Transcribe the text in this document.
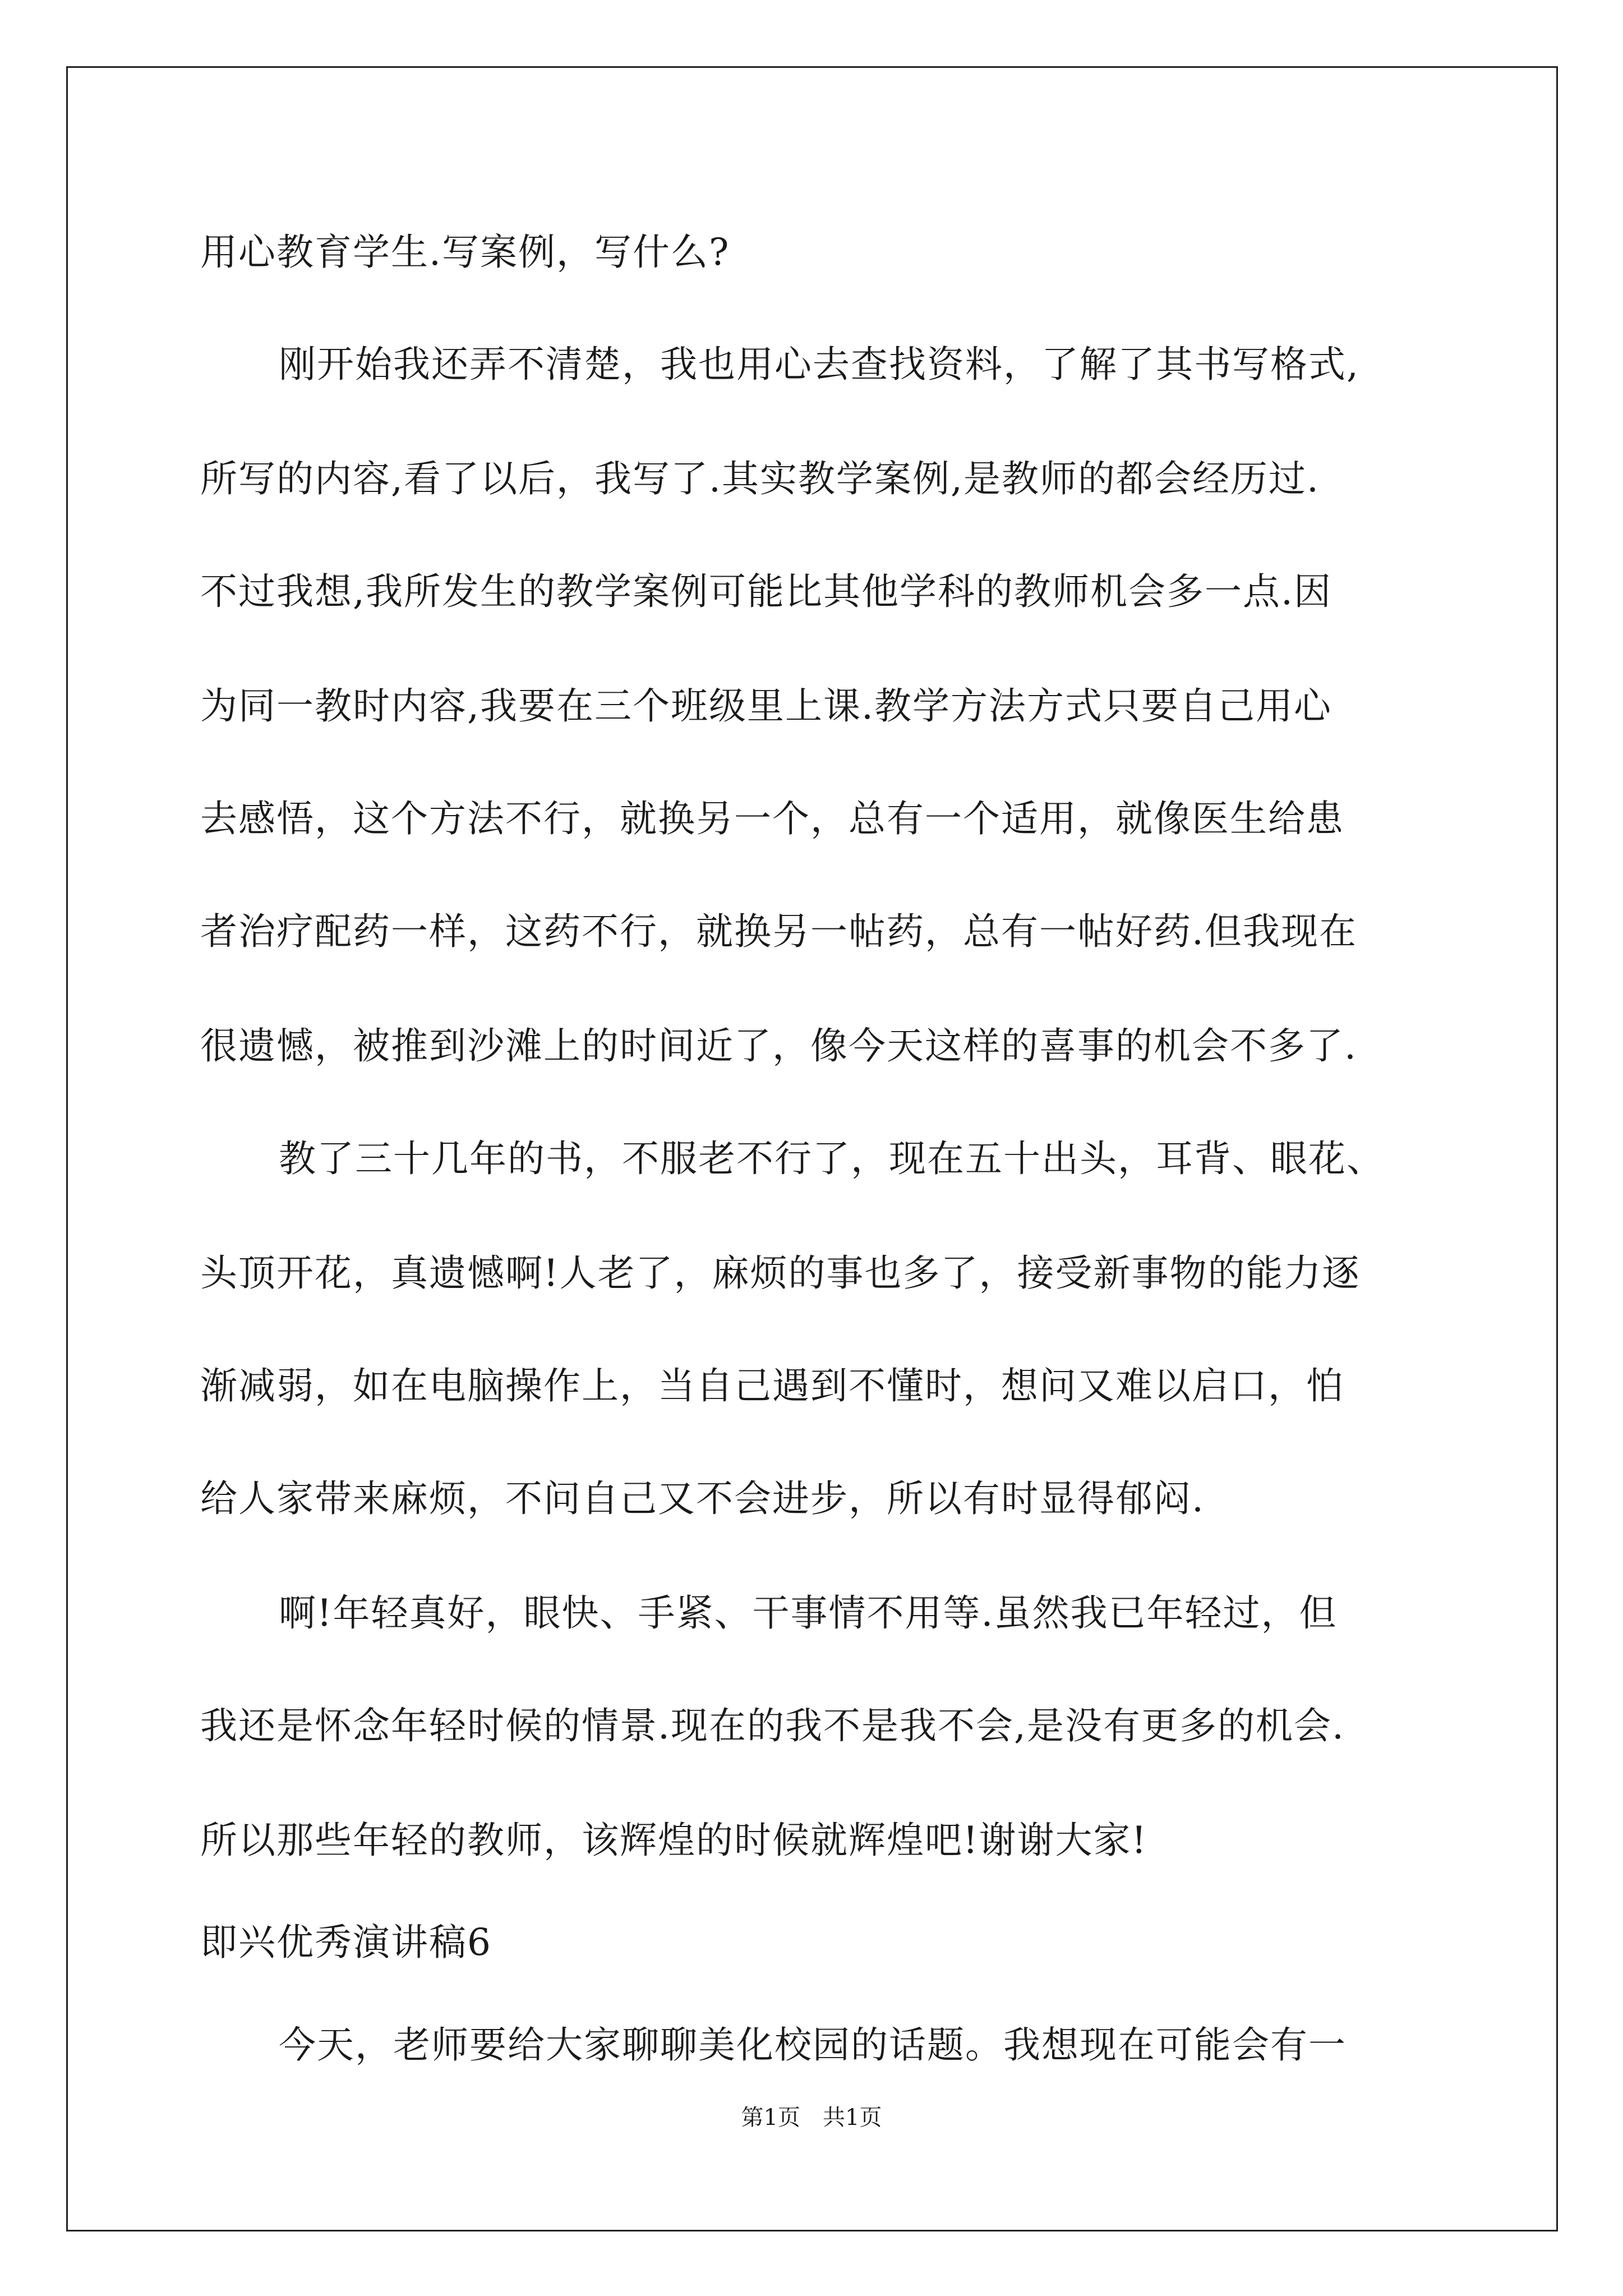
用心教育学生.写案例，写什么?
刚开始我还弄不清楚，我也用心去查找资料，了解了其书写格式,
所写的内容,看了以后，我写了.其实教学案例,是教师的都会经历过.
不过我想,我所发生的教学案例可能比其他学科的教师机会多一点.因
为同一教时内容,我要在三个班级里上课.教学方法方式只要自己用心
去感悟，这个方法不行，就换另一个，总有一个适用，就像医生给患
者治疗配药一样，这药不行，就换另一帖药，总有一帖好药.但我现在
很遗憾，被推到沙滩上的时间近了，像今天这样的喜事的机会不多了.
教了三十几年的书，不服老不行了，现在五十出头，耳背、眼花、
头顶开花，真遗憾啊!人老了，麻烦的事也多了，接受新事物的能力逐
渐减弱，如在电脑操作上，当自己遇到不懂时，想问又难以启口，怕
给人家带来麻烦，不问自己又不会进步，所以有时显得郁闷.
啊!年轻真好，眼快、手紧、干事情不用等.虽然我已年轻过，但
我还是怀念年轻时候的情景.现在的我不是我不会,是没有更多的机会.
所以那些年轻的教师，该辉煌的时候就辉煌吧!谢谢大家!
即兴优秀演讲稿6
今天，老师要给大家聊聊美化校园的话题。我想现在可能会有一
第1页　共1页
